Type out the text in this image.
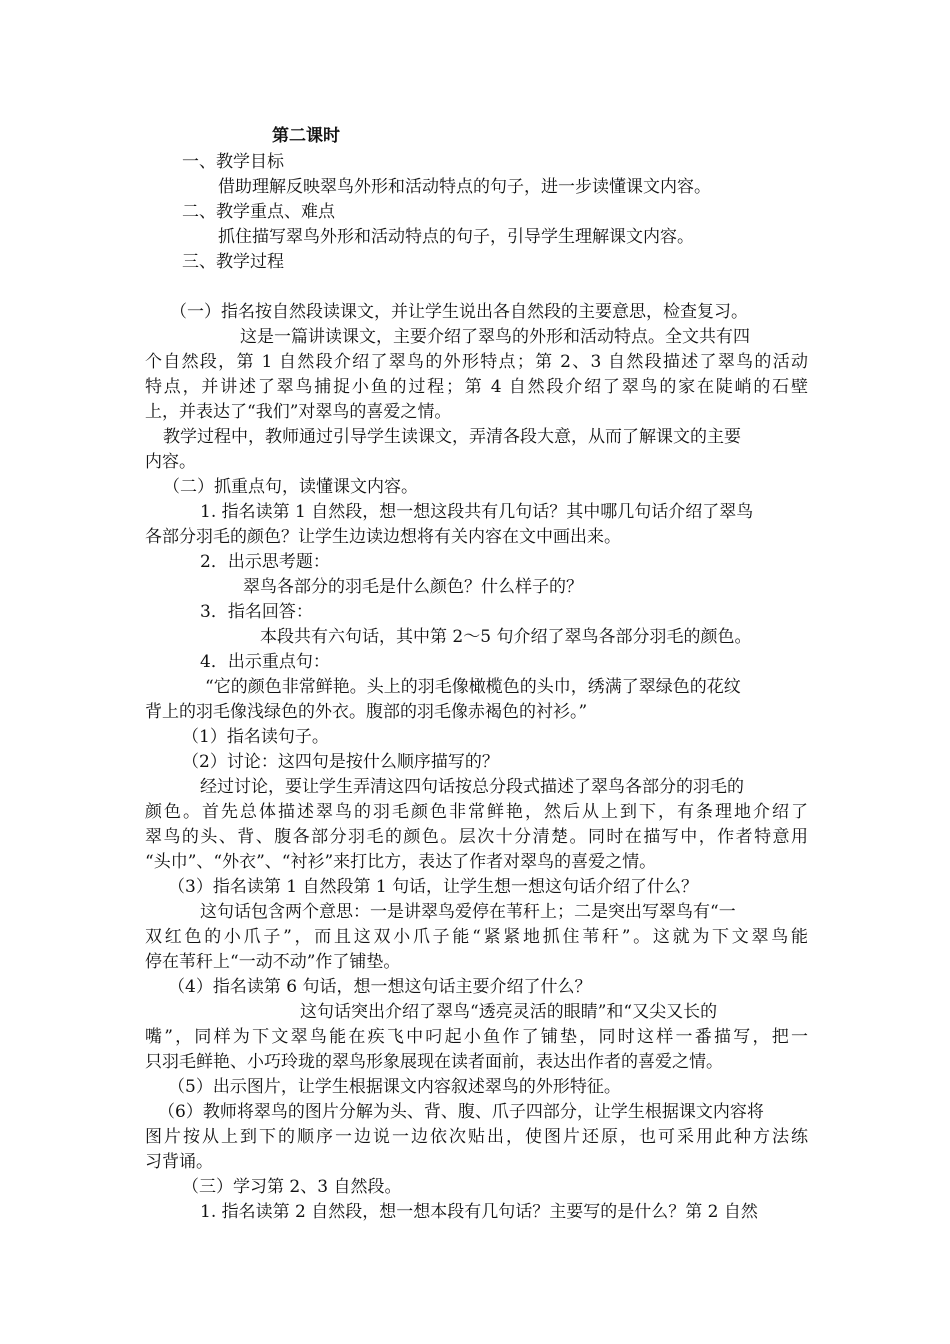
第二课时
一、教学目标
借助理解反映翠鸟外形和活动特点的句子，进一步读懂课文内容。
二、教学重点、难点
抓住描写翠鸟外形和活动特点的句子，引导学生理解课文内容。
三、教学过程
（一）指名按自然段读课文，并让学生说出各自然段的主要意思，检查复习。
这是一篇讲读课文，主要介绍了翠鸟的外形和活动特点。全文共有四
个自然段，第 1 自然段介绍了翠鸟的外形特点；第 2、3 自然段描述了翠鸟的活动
特点，并讲述了翠鸟捕捉小鱼的过程；第 4 自然段介绍了翠鸟的家在陡峭的石壁
上，并表达了“我们”对翠鸟的喜爱之情。
教学过程中，教师通过引导学生读课文，弄清各段大意，从而了解课文的主要
内容。
（二）抓重点句，读懂课文内容。
1. 指名读第 1 自然段，想一想这段共有几句话？其中哪几句话介绍了翠鸟
各部分羽毛的颜色？让学生边读边想将有关内容在文中画出来。
2．出示思考题：
翠鸟各部分的羽毛是什么颜色？什么样子的？
3．指名回答：
本段共有六句话，其中第 2～5 句介绍了翠鸟各部分羽毛的颜色。
4．出示重点句：
“它的颜色非常鲜艳。头上的羽毛像橄榄色的头巾，绣满了翠绿色的花纹
背上的羽毛像浅绿色的外衣。腹部的羽毛像赤褐色的衬衫。”
（1）指名读句子。
（2）讨论：这四句是按什么顺序描写的？
经过讨论，要让学生弄清这四句话按总分段式描述了翠鸟各部分的羽毛的
颜色。首先总体描述翠鸟的羽毛颜色非常鲜艳，然后从上到下，有条理地介绍了
翠鸟的头、背、腹各部分羽毛的颜色。层次十分清楚。同时在描写中，作者特意用
“头巾”、“外衣”、“衬衫”来打比方，表达了作者对翠鸟的喜爱之情。
（3）指名读第 1 自然段第 1 句话，让学生想一想这句话介绍了什么？
这句话包含两个意思：一是讲翠鸟爱停在苇秆上；二是突出写翠鸟有“一
双红色的小爪子”，而且这双小爪子能“紧紧地抓住苇秆”。这就为下文翠鸟能
停在苇秆上“一动不动”作了铺垫。
（4）指名读第 6 句话，想一想这句话主要介绍了什么？
这句话突出介绍了翠鸟“透亮灵活的眼睛”和“又尖又长的
嘴”，同样为下文翠鸟能在疾飞中叼起小鱼作了铺垫，同时这样一番描写，把一
只羽毛鲜艳、小巧玲珑的翠鸟形象展现在读者面前，表达出作者的喜爱之情。
（5）出示图片，让学生根据课文内容叙述翠鸟的外形特征。
（6）教师将翠鸟的图片分解为头、背、腹、爪子四部分，让学生根据课文内容将
图片按从上到下的顺序一边说一边依次贴出，使图片还原，也可采用此种方法练
习背诵。
（三）学习第 2、3 自然段。
1. 指名读第 2 自然段，想一想本段有几句话？主要写的是什么？第 2 自然
